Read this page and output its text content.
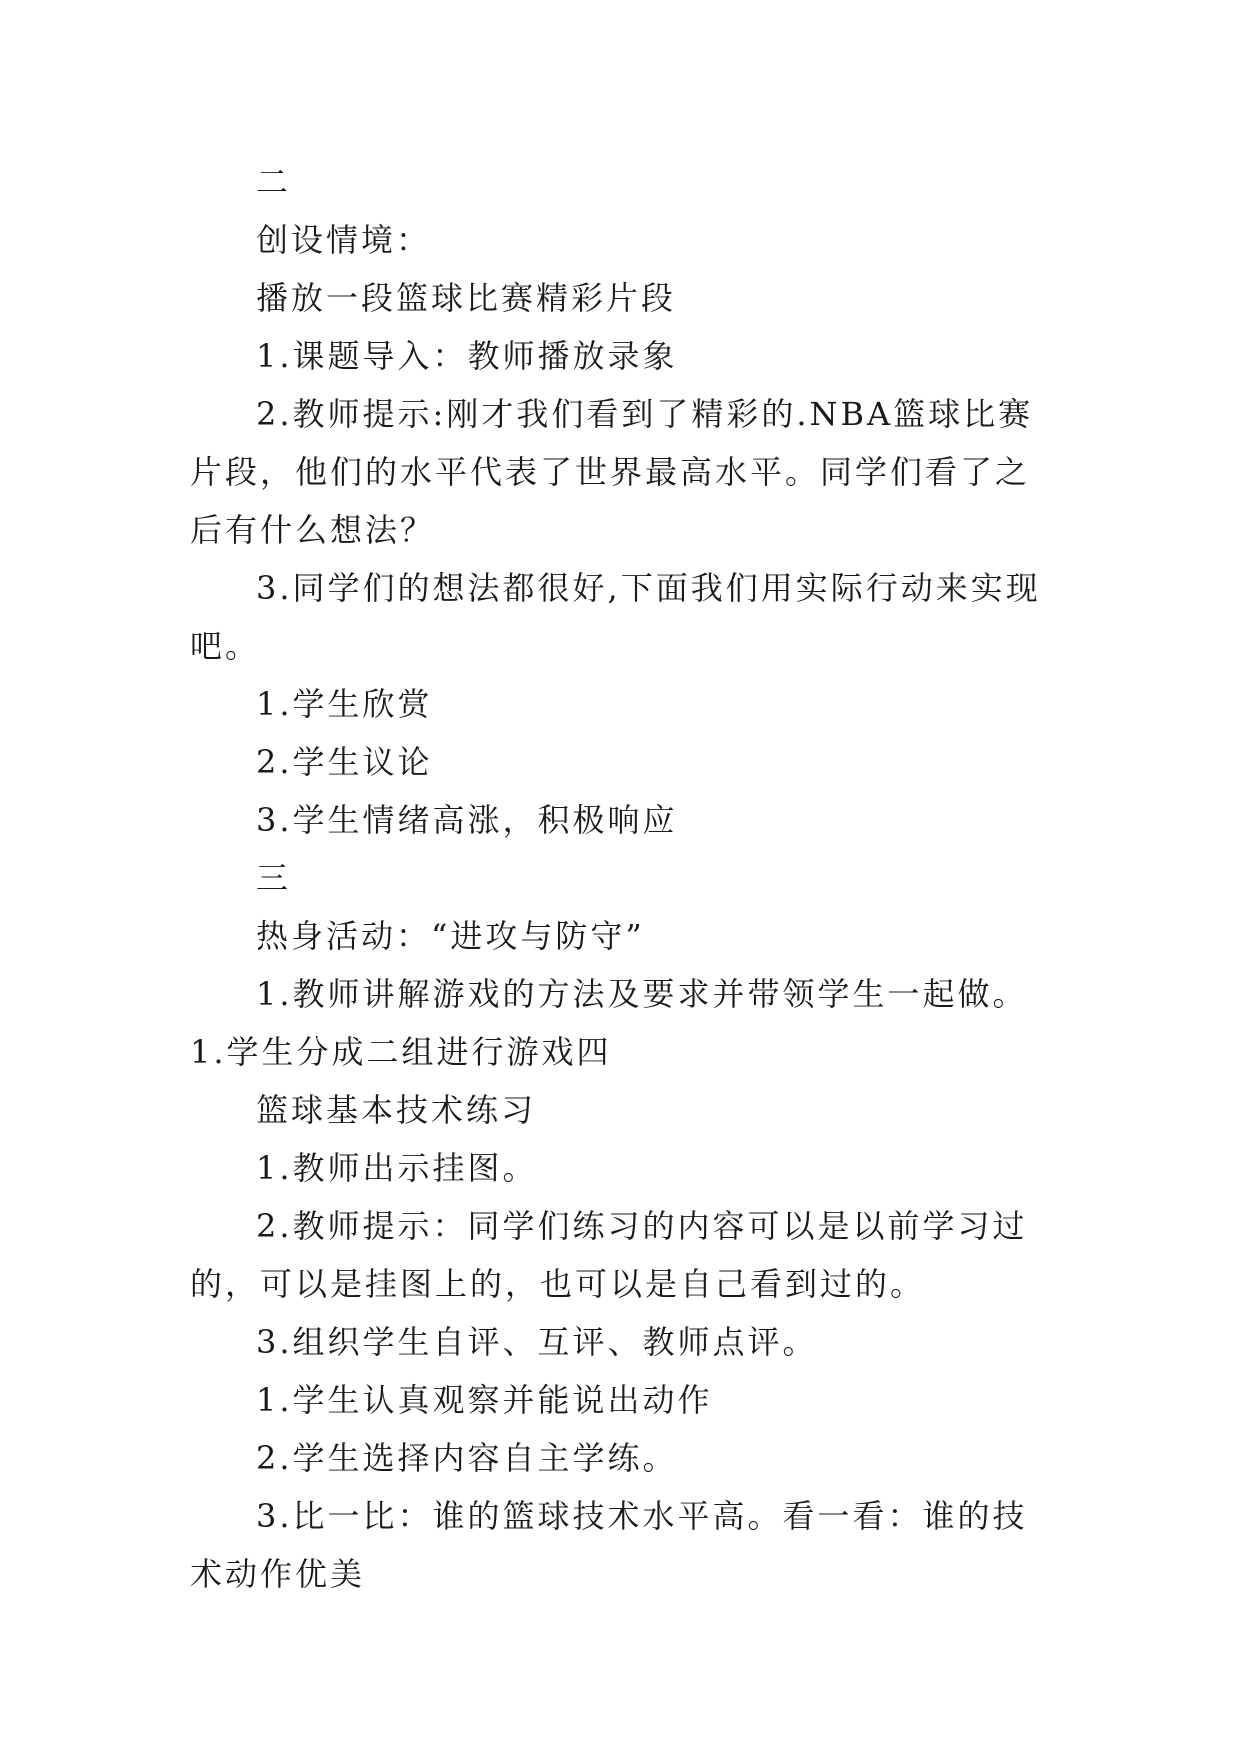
二

创设情境：

播放一段篮球比赛精彩片段

1.课题导入：教师播放录象

2.教师提示:刚才我们看到了精彩的.NBA篮球比赛片段，他们的水平代表了世界最高水平。同学们看了之后有什么想法？

3.同学们的想法都很好,下面我们用实际行动来实现吧。

1.学生欣赏

2.学生议论

3.学生情绪高涨，积极响应

三

热身活动：“进攻与防守”

1.教师讲解游戏的方法及要求并带领学生一起做。1.学生分成二组进行游戏四

篮球基本技术练习

1.教师出示挂图。

2.教师提示：同学们练习的内容可以是以前学习过的，可以是挂图上的，也可以是自己看到过的。

3.组织学生自评、互评、教师点评。

1.学生认真观察并能说出动作

2.学生选择内容自主学练。

3.比一比：谁的篮球技术水平高。看一看：谁的技术动作优美
